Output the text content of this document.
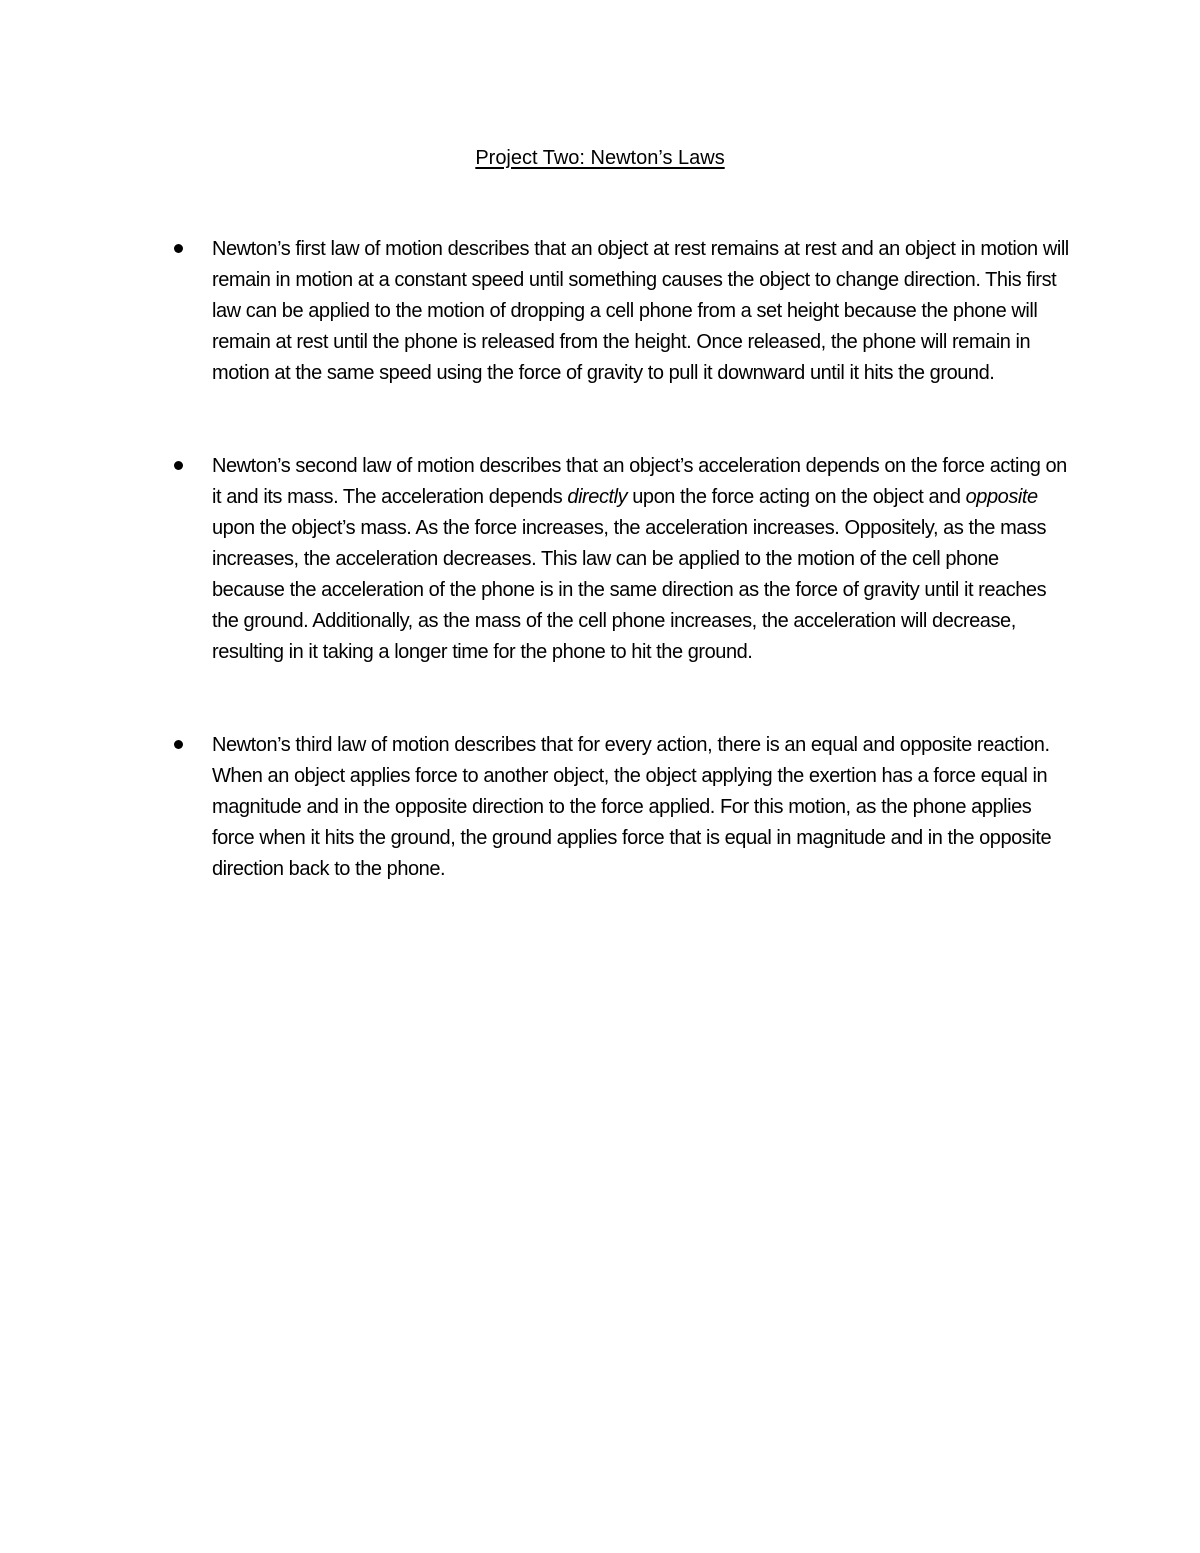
Project Two: Newton’s Laws
Newton’s first law of motion describes that an object at rest remains at rest and an object in motion will remain in motion at a constant speed until something causes the object to change direction. This first law can be applied to the motion of dropping a cell phone from a set height because the phone will remain at rest until the phone is released from the height. Once released, the phone will remain in motion at the same speed using the force of gravity to pull it downward until it hits the ground.
Newton’s second law of motion describes that an object’s acceleration depends on the force acting on it and its mass. The acceleration depends directly upon the force acting on the object and opposite upon the object’s mass. As the force increases, the acceleration increases. Oppositely, as the mass increases, the acceleration decreases. This law can be applied to the motion of the cell phone because the acceleration of the phone is in the same direction as the force of gravity until it reaches the ground. Additionally, as the mass of the cell phone increases, the acceleration will decrease, resulting in it taking a longer time for the phone to hit the ground.
Newton’s third law of motion describes that for every action, there is an equal and opposite reaction. When an object applies force to another object, the object applying the exertion has a force equal in magnitude and in the opposite direction to the force applied. For this motion, as the phone applies force when it hits the ground, the ground applies force that is equal in magnitude and in the opposite direction back to the phone.
